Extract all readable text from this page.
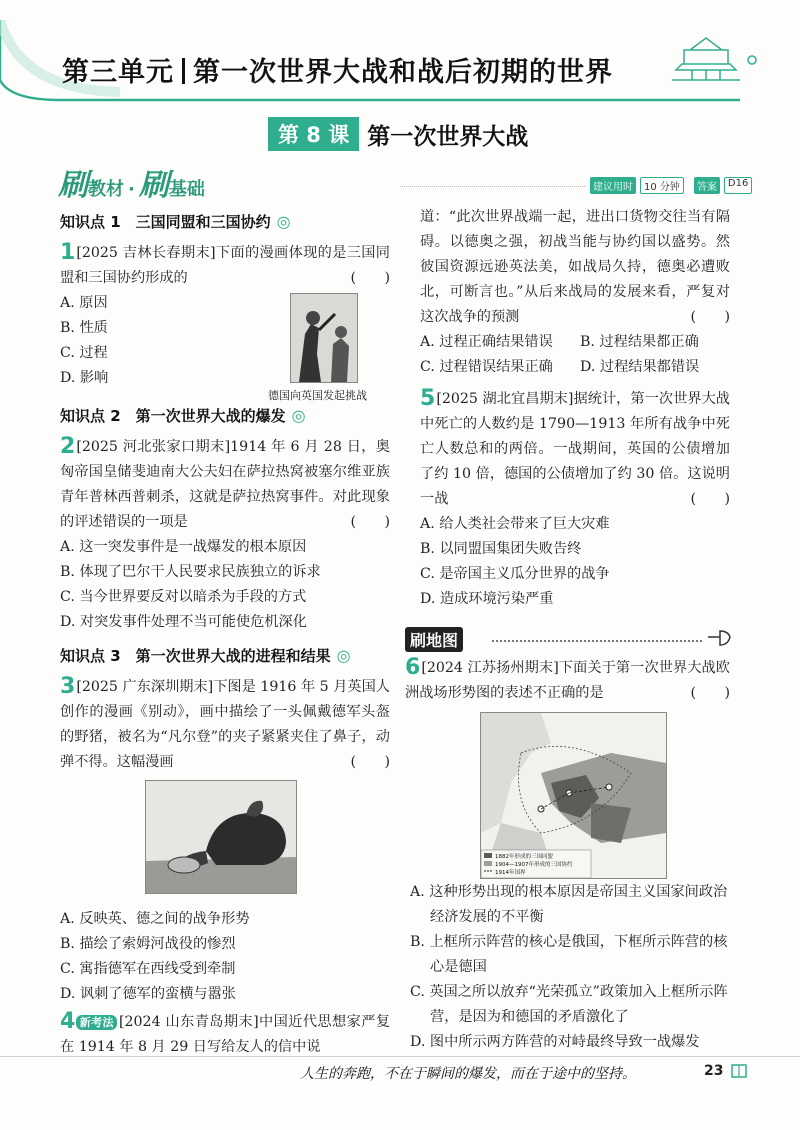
第三单元 第一次世界大战和战后初期的世界
第 8 课 第一次世界大战
刷 教材 · 刷 基础	建议用时	10 分钟	答案	D16
知识点 1　三国同盟和三国协约 ◎
1[2025 吉林长春期末]下面的漫画体现的是三国同盟和三国协约形成的	(　　)
A. 原因
B. 性质
C. 过程
D. 影响
知识点 2　第一次世界大战的爆发 ◎
2[2025 河北张家口期末]1914 年 6 月 28 日，奥匈帝国皇储斐迪南大公夫妇在萨拉热窝被塞尔维亚族青年普林西普刺杀，这就是萨拉热窝事件。对此现象的评述错误的一项是	(　　)
A. 这一突发事件是一战爆发的根本原因
B. 体现了巴尔干人民要求民族独立的诉求
C. 当今世界要反对以暗杀为手段的方式
D. 对突发事件处理不当可能使危机深化
知识点 3　第一次世界大战的进程和结果 ◎
3[2025 广东深圳期末]下图是 1916 年 5 月英国人创作的漫画《别动》，画中描绘了一头佩戴德军头盔的野猪，被名为“凡尔登”的夹子紧紧夹住了鼻子，动弹不得。这幅漫画	(　　)
A. 反映英、德之间的战争形势
B. 描绘了索姆河战役的惨烈
C. 寓指德军在西线受到牵制
D. 讽刺了德军的蛮横与嚣张
4 新考法 [2024 山东青岛期末]中国近代思想家严复在 1914 年 8 月 29 日写给友人的信中说
德国向英国发起挑战
道：“此次世界战端一起，进出口货物交往当有隔碍。以德奥之强，初战当能与协约国以盛势。然彼国资源远逊英法美，如战局久持，德奥必遭败北，可断言也。”从后来战局的发展来看，严复对这次战争的预测	(　　)
A. 过程正确结果错误	B. 过程结果都正确
C. 过程错误结果正确	D. 过程结果都错误
5[2025 湖北宜昌期末]据统计，第一次世界大战中死亡的人数约是 1790—1913 年所有战争中死亡人数总和的两倍。一战期间，英国的公债增加了约 10 倍，德国的公债增加了约 30 倍。这说明一战	(　　)
A. 给人类社会带来了巨大灾难
B. 以同盟国集团失败告终
C. 是帝国主义瓜分世界的战争
D. 造成环境污染严重
刷地图
6[2024 江苏扬州期末]下面关于第一次世界大战欧洲战场形势图的表述不正确的是	(　　)
1882年形成的三国同盟
1904—1907年形成的三国协约
1914年国界
A. 这种形势出现的根本原因是帝国主义国家间政治经济发展的不平衡
B. 上框所示阵营的核心是俄国，下框所示阵营的核心是德国
C. 英国之所以放弃“光荣孤立”政策加入上框所示阵营，是因为和德国的矛盾激化了
D. 图中所示两方阵营的对峙最终导致一战爆发
人生的奔跑，不在于瞬间的爆发，而在于途中的坚持。	23
